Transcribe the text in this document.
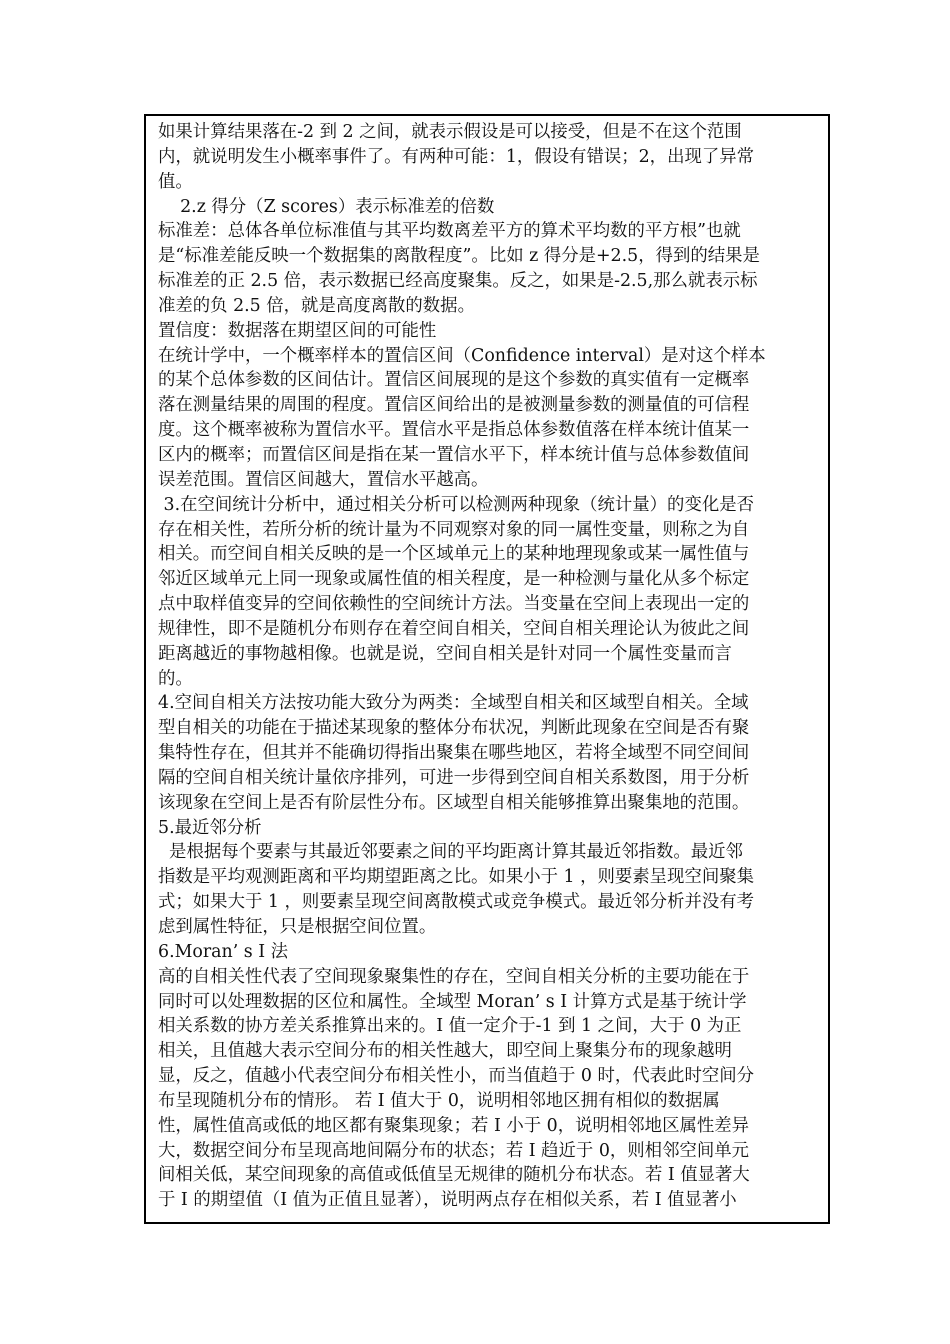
如果计算结果落在-2 到 2 之间，就表示假设是可以接受，但是不在这个范围
内，就说明发生小概率事件了。有两种可能：1，假设有错误；2，出现了异常
值。
2.z 得分（Z scores）表示标准差的倍数
标准差：总体各单位标准值与其平均数离差平方的算术平均数的平方根”也就
是“标准差能反映一个数据集的离散程度”。比如 z 得分是+2.5，得到的结果是
标准差的正 2.5 倍，表示数据已经高度聚集。反之，如果是-2.5,那么就表示标
准差的负 2.5 倍，就是高度离散的数据。
置信度：数据落在期望区间的可能性
在统计学中，一个概率样本的置信区间（Confidence interval）是对这个样本
的某个总体参数的区间估计。置信区间展现的是这个参数的真实值有一定概率
落在测量结果的周围的程度。置信区间给出的是被测量参数的测量值的可信程
度。这个概率被称为置信水平。置信水平是指总体参数值落在样本统计值某一
区内的概率；而置信区间是指在某一置信水平下，样本统计值与总体参数值间
误差范围。置信区间越大，置信水平越高。
3.在空间统计分析中，通过相关分析可以检测两种现象（统计量）的变化是否
存在相关性，若所分析的统计量为不同观察对象的同一属性变量，则称之为自
相关。而空间自相关反映的是一个区域单元上的某种地理现象或某一属性值与
邻近区域单元上同一现象或属性值的相关程度，是一种检测与量化从多个标定
点中取样值变异的空间依赖性的空间统计方法。当变量在空间上表现出一定的
规律性，即不是随机分布则存在着空间自相关，空间自相关理论认为彼此之间
距离越近的事物越相像。也就是说，空间自相关是针对同一个属性变量而言
的。
4.空间自相关方法按功能大致分为两类：全域型自相关和区域型自相关。全域
型自相关的功能在于描述某现象的整体分布状况，判断此现象在空间是否有聚
集特性存在，但其并不能确切得指出聚集在哪些地区，若将全域型不同空间间
隔的空间自相关统计量依序排列，可进一步得到空间自相关系数图，用于分析
该现象在空间上是否有阶层性分布。区域型自相关能够推算出聚集地的范围。
5.最近邻分析
是根据每个要素与其最近邻要素之间的平均距离计算其最近邻指数。最近邻
指数是平均观测距离和平均期望距离之比。如果小于 1 ，则要素呈现空间聚集
式；如果大于 1 ，则要素呈现空间离散模式或竞争模式。最近邻分析并没有考
虑到属性特征，只是根据空间位置。
6.Moran’ s I 法
高的自相关性代表了空间现象聚集性的存在，空间自相关分析的主要功能在于
同时可以处理数据的区位和属性。全域型 Moran’ s I 计算方式是基于统计学
相关系数的协方差关系推算出来的。I 值一定介于-1 到 1 之间，大于 0 为正
相关，且值越大表示空间分布的相关性越大，即空间上聚集分布的现象越明
显，反之，值越小代表空间分布相关性小，而当值趋于 0 时，代表此时空间分
布呈现随机分布的情形。 若 I 值大于 0，说明相邻地区拥有相似的数据属
性，属性值高或低的地区都有聚集现象；若 I 小于 0，说明相邻地区属性差异
大，数据空间分布呈现高地间隔分布的状态；若 I 趋近于 0，则相邻空间单元
间相关低，某空间现象的高值或低值呈无规律的随机分布状态。若 I 值显著大
于 I 的期望值（I 值为正值且显著），说明两点存在相似关系，若 I 值显著小
